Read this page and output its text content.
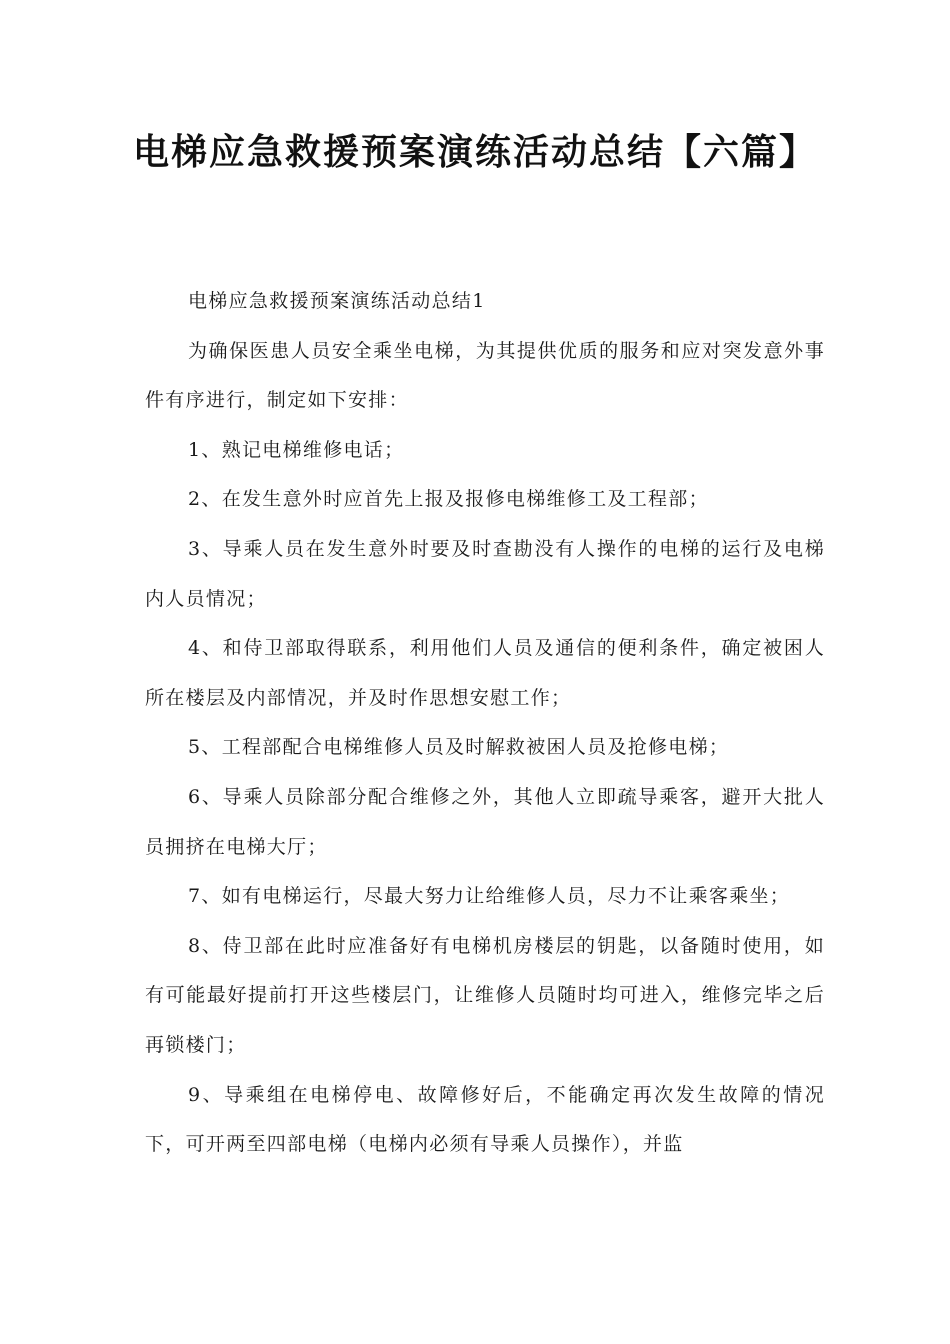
电梯应急救援预案演练活动总结【六篇】

电梯应急救援预案演练活动总结1

为确保医患人员安全乘坐电梯，为其提供优质的服务和应对突发意外事件有序进行，制定如下安排：

1、熟记电梯维修电话；

2、在发生意外时应首先上报及报修电梯维修工及工程部；

3、导乘人员在发生意外时要及时查勘没有人操作的电梯的运行及电梯内人员情况；

4、和侍卫部取得联系，利用他们人员及通信的便利条件，确定被困人所在楼层及内部情况，并及时作思想安慰工作；

5、工程部配合电梯维修人员及时解救被困人员及抢修电梯；

6、导乘人员除部分配合维修之外，其他人立即疏导乘客，避开大批人员拥挤在电梯大厅；

7、如有电梯运行，尽最大努力让给维修人员，尽力不让乘客乘坐；

8、侍卫部在此时应准备好有电梯机房楼层的钥匙，以备随时使用，如有可能最好提前打开这些楼层门，让维修人员随时均可进入，维修完毕之后再锁楼门；

9、导乘组在电梯停电、故障修好后，不能确定再次发生故障的情况下，可开两至四部电梯（电梯内必须有导乘人员操作），并监
